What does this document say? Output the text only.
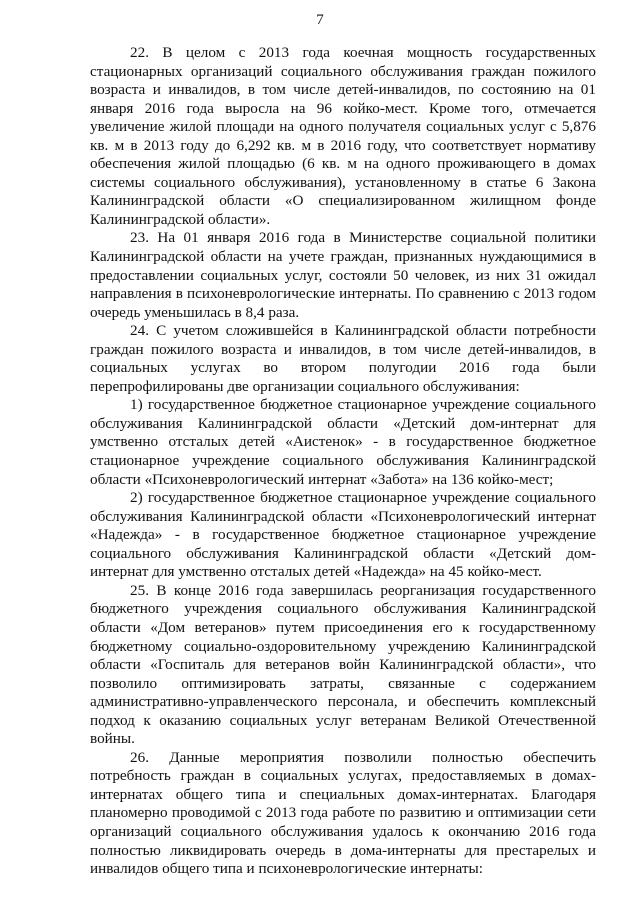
7

22. В целом с 2013 года коечная мощность государственных стационарных организаций социального обслуживания граждан пожилого возраста и инвалидов, в том числе детей-инвалидов, по состоянию на 01 января 2016 года выросла на 96 койко-мест. Кроме того, отмечается увеличение жилой площади на одного получателя социальных услуг с 5,876 кв. м в 2013 году до 6,292 кв. м в 2016 году, что соответствует нормативу обеспечения жилой площадью (6 кв. м на одного проживающего в домах системы социального обслуживания), установленному в статье 6 Закона Калининградской области «О специализированном жилищном фонде Калининградской области».

23. На 01 января 2016 года в Министерстве социальной политики Калининградской области на учете граждан, признанных нуждающимися в предоставлении социальных услуг, состояли 50 человек, из них 31 ожидал направления в психоневрологические интернаты. По сравнению с 2013 годом очередь уменьшилась в 8,4 раза.

24. С учетом сложившейся в Калининградской области потребности граждан пожилого возраста и инвалидов, в том числе детей-инвалидов, в социальных услугах во втором полугодии 2016 года были перепрофилированы две организации социального обслуживания:

1) государственное бюджетное стационарное учреждение социального обслуживания Калининградской области «Детский дом-интернат для умственно отсталых детей «Аистенок» - в государственное бюджетное стационарное учреждение социального обслуживания Калининградской области «Психоневрологический интернат «Забота» на 136 койко-мест;

2) государственное бюджетное стационарное учреждение социального обслуживания Калининградской области «Психоневрологический интернат «Надежда» - в государственное бюджетное стационарное учреждение социального обслуживания Калининградской области «Детский дом-интернат для умственно отсталых детей «Надежда» на 45 койко-мест.

25. В конце 2016 года завершилась реорганизация государственного бюджетного учреждения социального обслуживания Калининградской области «Дом ветеранов» путем присоединения его к государственному бюджетному социально-оздоровительному учреждению Калининградской области «Госпиталь для ветеранов войн Калининградской области», что позволило оптимизировать затраты, связанные с содержанием административно-управленческого персонала, и обеспечить комплексный подход к оказанию социальных услуг ветеранам Великой Отечественной войны.

26. Данные мероприятия позволили полностью обеспечить потребность граждан в социальных услугах, предоставляемых в домах-интернатах общего типа и специальных домах-интернатах. Благодаря планомерно проводимой с 2013 года работе по развитию и оптимизации сети организаций социального обслуживания удалось к окончанию 2016 года полностью ликвидировать очередь в дома-интернаты для престарелых и инвалидов общего типа и психоневрологические интернаты:
